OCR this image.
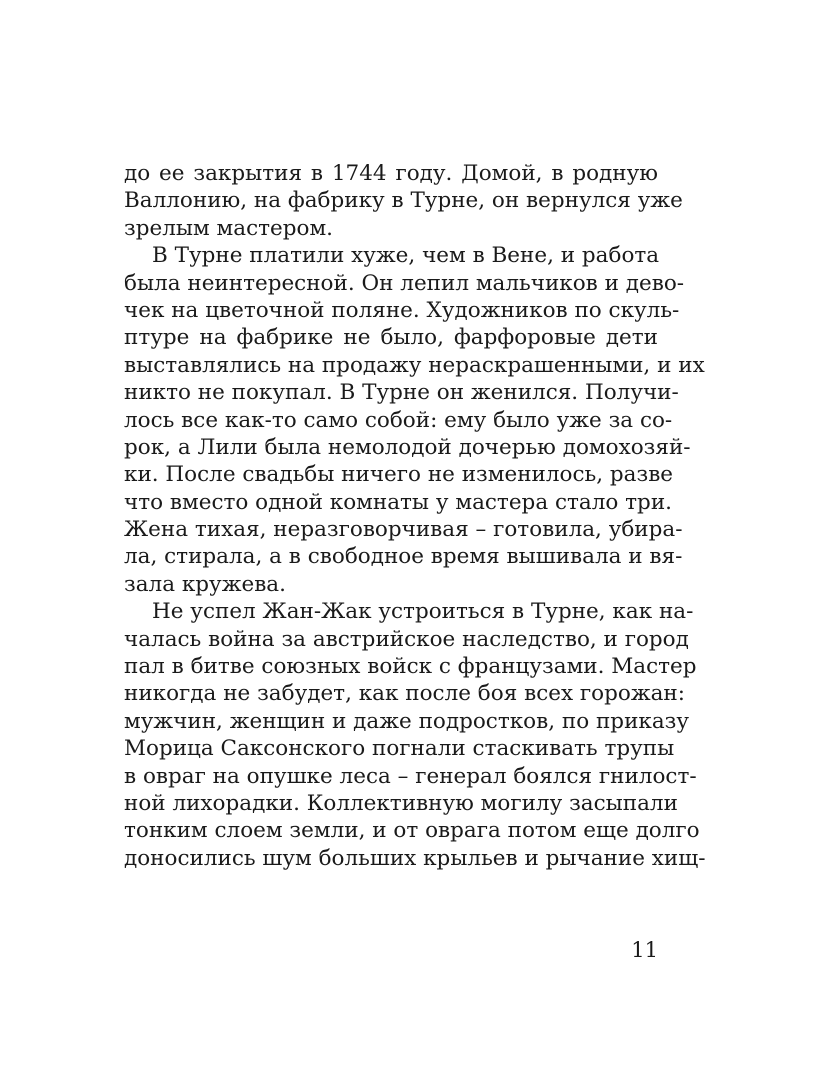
до ее закрытия в 1744 году. Домой, в родную
Валлонию, на фабрику в Турне, он вернулся уже
зрелым мастером.
В Турне платили хуже, чем в Вене, и работа
была неинтересной. Он лепил мальчиков и дево-
чек на цветочной поляне. Художников по скуль-
птуре на фабрике не было, фарфоровые дети
выставлялись на продажу нераскрашенными, и их
никто не покупал. В Турне он женился. Получи-
лось все как-то само собой: ему было уже за со-
рок, а Лили была немолодой дочерью домохозяй-
ки. После свадьбы ничего не изменилось, разве
что вместо одной комнаты у мастера стало три.
Жена тихая, неразговорчивая – готовила, убира-
ла, стирала, а в свободное время вышивала и вя-
зала кружева.
Не успел Жан-Жак устроиться в Турне, как на-
чалась война за австрийское наследство, и город
пал в битве союзных войск с французами. Мастер
никогда не забудет, как после боя всех горожан:
мужчин, женщин и даже подростков, по приказу
Морица Саксонского погнали стаскивать трупы
в овраг на опушке леса – генерал боялся гнилост-
ной лихорадки. Коллективную могилу засыпали
тонким слоем земли, и от оврага потом еще долго
доносились шум больших крыльев и рычание хищ-
11
